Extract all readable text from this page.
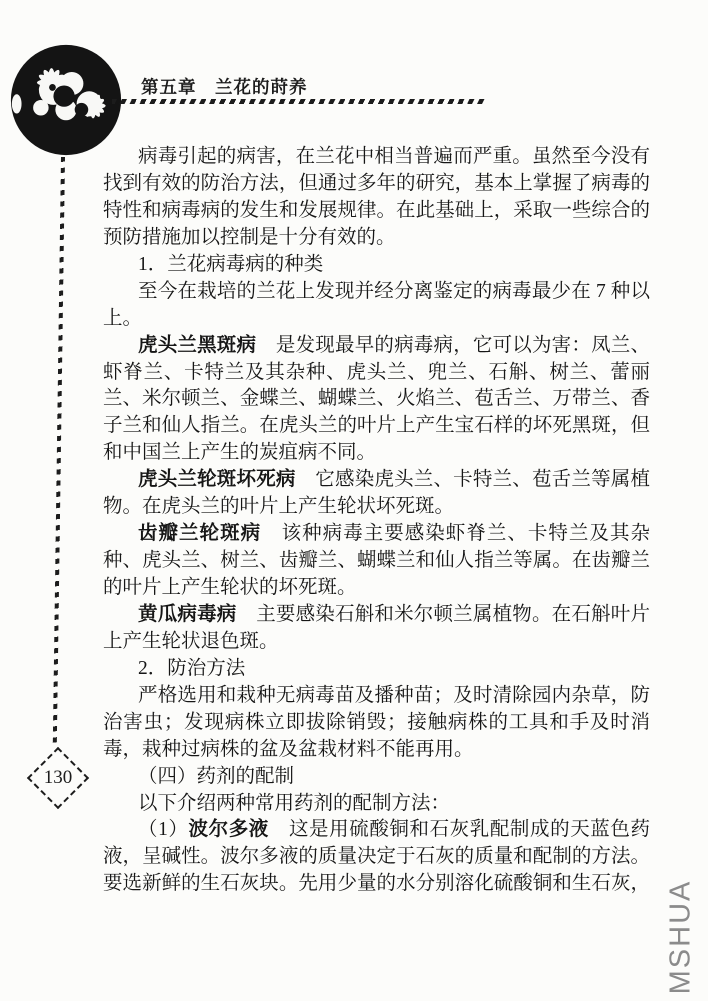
第五章　兰花的莳养
130
病毒引起的病害，在兰花中相当普遍而严重。虽然至今没有
找到有效的防治方法，但通过多年的研究，基本上掌握了病毒的
特性和病毒病的发生和发展规律。在此基础上，采取一些综合的
预防措施加以控制是十分有效的。
1．兰花病毒病的种类
至今在栽培的兰花上发现并经分离鉴定的病毒最少在 7 种以
上。
虎头兰黑斑病　是发现最早的病毒病，它可以为害：凤兰、
虾脊兰、卡特兰及其杂种、虎头兰、兜兰、石斛、树兰、蕾丽
兰、米尔顿兰、金蝶兰、蝴蝶兰、火焰兰、苞舌兰、万带兰、香
子兰和仙人指兰。在虎头兰的叶片上产生宝石样的坏死黑斑，但
和中国兰上产生的炭疽病不同。
虎头兰轮斑坏死病　它感染虎头兰、卡特兰、苞舌兰等属植
物。在虎头兰的叶片上产生轮状坏死斑。
齿瓣兰轮斑病　该种病毒主要感染虾脊兰、卡特兰及其杂
种、虎头兰、树兰、齿瓣兰、蝴蝶兰和仙人指兰等属。在齿瓣兰
的叶片上产生轮状的坏死斑。
黄瓜病毒病　主要感染石斛和米尔顿兰属植物。在石斛叶片
上产生轮状退色斑。
2．防治方法
严格选用和栽种无病毒苗及播种苗；及时清除园内杂草，防
治害虫；发现病株立即拔除销毁；接触病株的工具和手及时消
毒，栽种过病株的盆及盆栽材料不能再用。
（四）药剂的配制
以下介绍两种常用药剂的配制方法：
（1）波尔多液　这是用硫酸铜和石灰乳配制成的天蓝色药
液，呈碱性。波尔多液的质量决定于石灰的质量和配制的方法。
要选新鲜的生石灰块。先用少量的水分别溶化硫酸铜和生石灰， MSHUA
